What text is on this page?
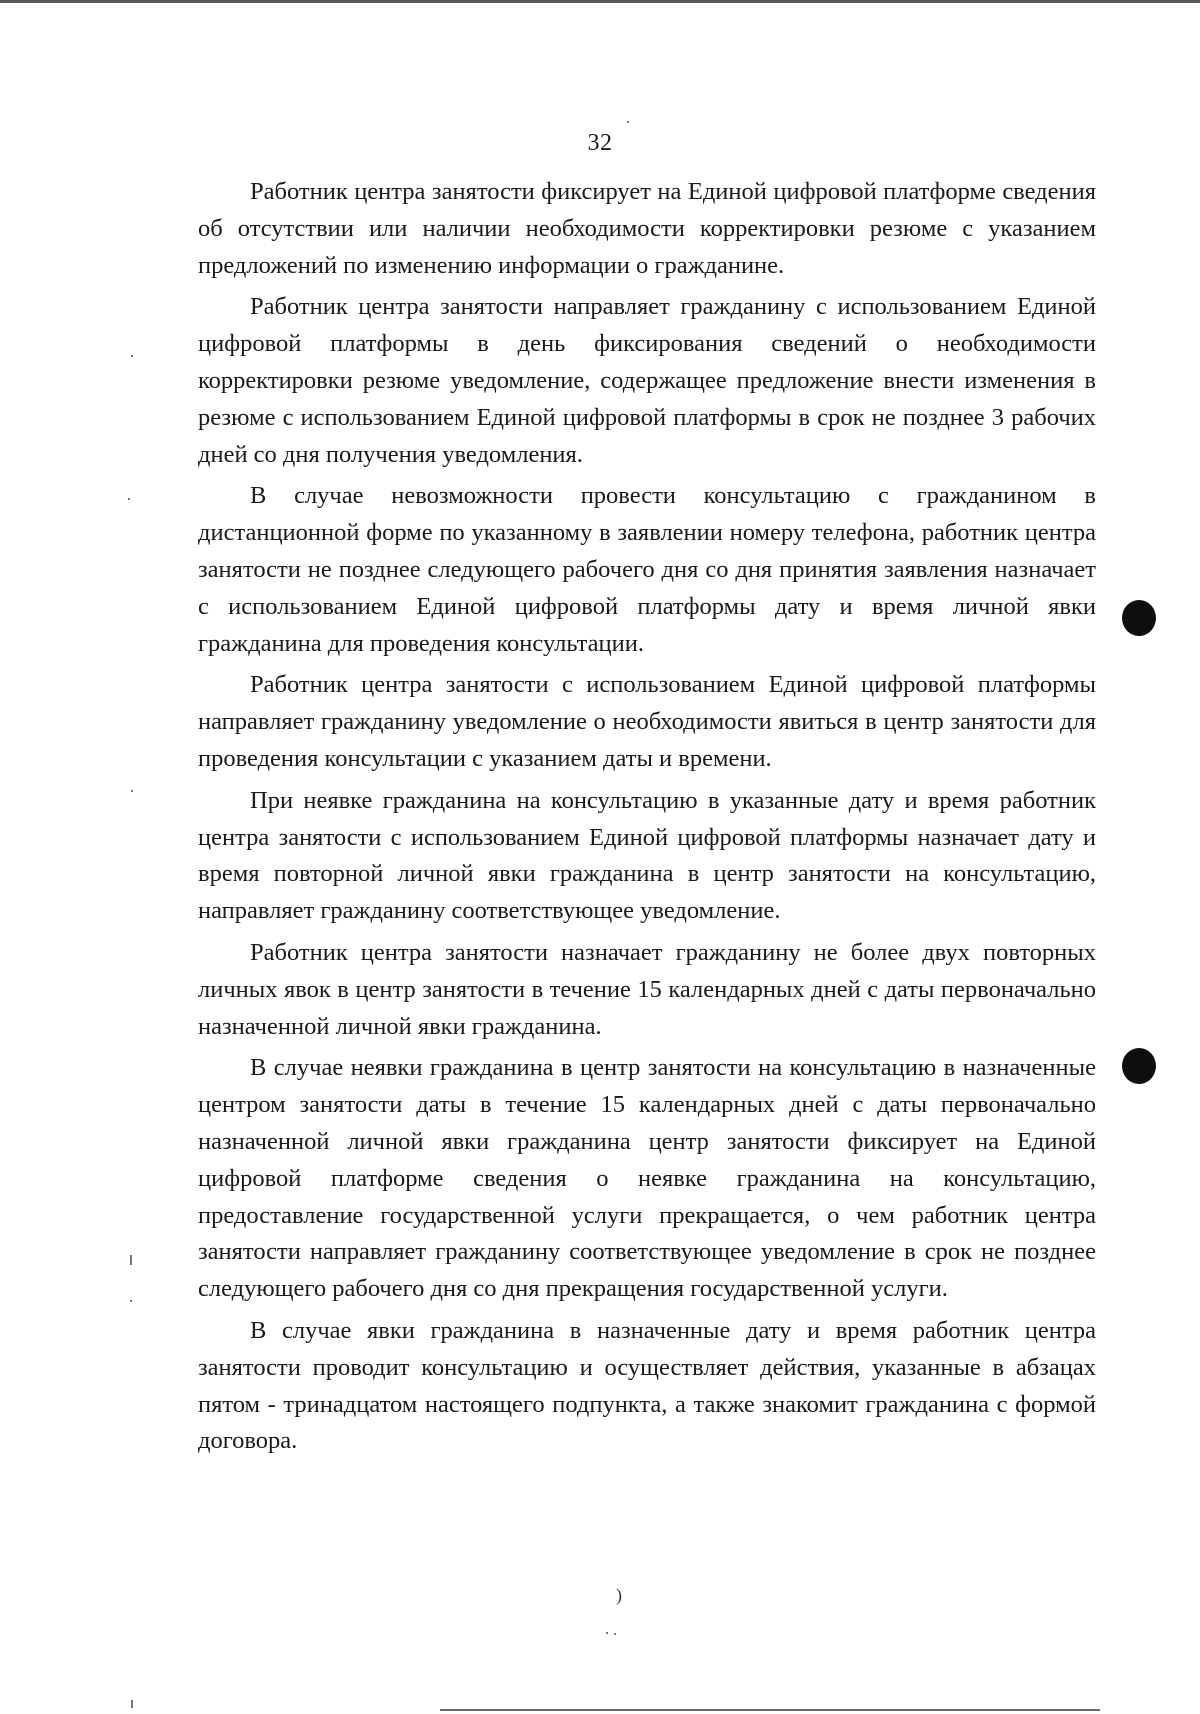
32

Работник центра занятости фиксирует на Единой цифровой платформе сведения об отсутствии или наличии необходимости корректировки резюме с указанием предложений по изменению информации о гражданине.

Работник центра занятости направляет гражданину с использованием Единой цифровой платформы в день фиксирования сведений о необходимости корректировки резюме уведомление, содержащее предложение внести изменения в резюме с использованием Единой цифровой платформы в срок не позднее 3 рабочих дней со дня получения уведомления.

В случае невозможности провести консультацию с гражданином в дистанционной форме по указанному в заявлении номеру телефона, работник центра занятости не позднее следующего рабочего дня со дня принятия заявления назначает с использованием Единой цифровой платформы дату и время личной явки гражданина для проведения консультации.

Работник центра занятости с использованием Единой цифровой платформы направляет гражданину уведомление о необходимости явиться в центр занятости для проведения консультации с указанием даты и времени.

При неявке гражданина на консультацию в указанные дату и время работник центра занятости с использованием Единой цифровой платформы назначает дату и время повторной личной явки гражданина в центр занятости на консультацию, направляет гражданину соответствующее уведомление.

Работник центра занятости назначает гражданину не более двух повторных личных явок в центр занятости в течение 15 календарных дней с даты первоначально назначенной личной явки гражданина.

В случае неявки гражданина в центр занятости на консультацию в назначенные центром занятости даты в течение 15 календарных дней с даты первоначально назначенной личной явки гражданина центр занятости фиксирует на Единой цифровой платформе сведения о неявке гражданина на консультацию, предоставление государственной услуги прекращается, о чем работник центра занятости направляет гражданину соответствующее уведомление в срок не позднее следующего рабочего дня со дня прекращения государственной услуги.

В случае явки гражданина в назначенные дату и время работник центра занятости проводит консультацию и осуществляет действия, указанные в абзацах пятом - тринадцатом настоящего подпункта, а также знакомит гражданина с формой договора.

)
